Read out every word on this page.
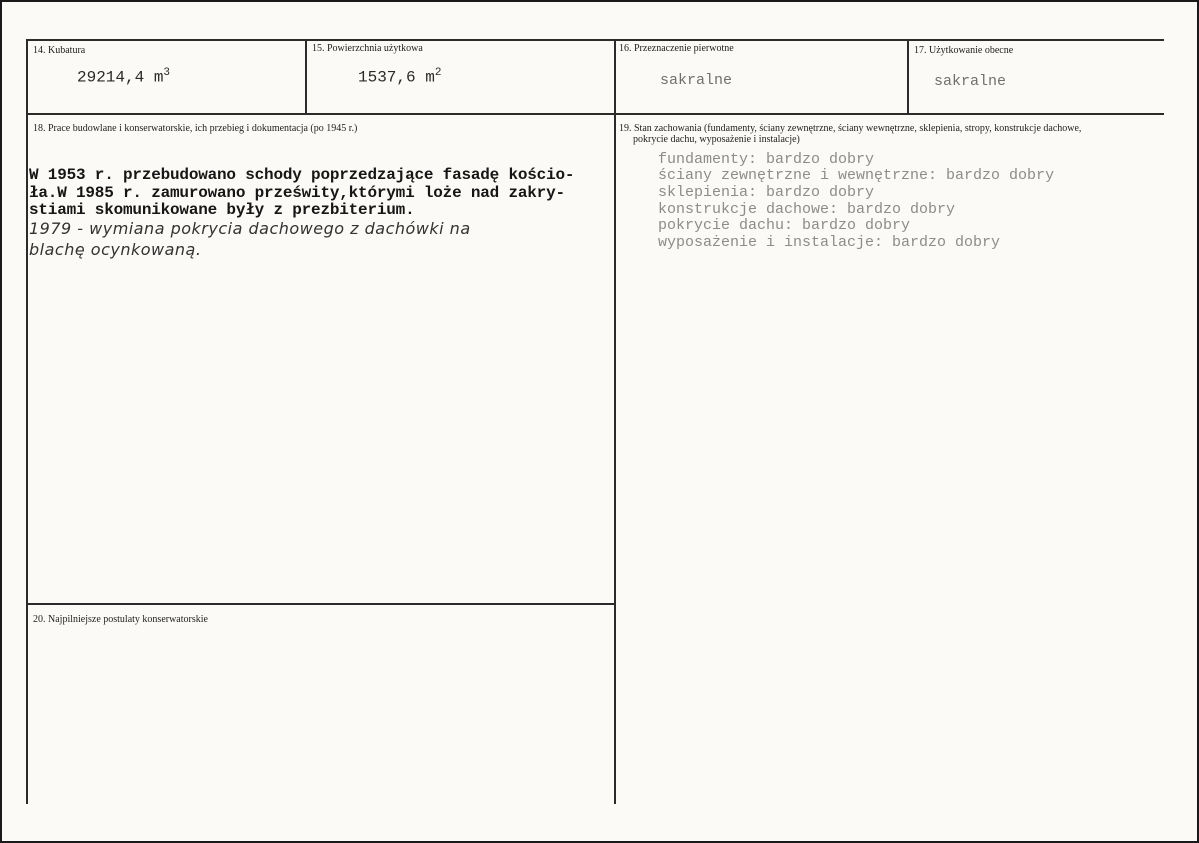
14. Kubatura
29214,4 $m^3$
15. Powierzchnia użytkowa
1537,6 $m^2$
16. Przeznaczenie pierwotne
sakralne
17. Użytkowanie obecne
sakralne
18. Prace budowlane i konserwatorskie, ich przebieg i dokumentacja (po 1945 r.)
W 1953 r. przebudowano schody poprzedzające fasadę kościo-
ła.W 1985 r. zamurowano prześwity,którymi loże nad zakry-
stiami skomunikowane były z prezbiterium.
1979 - wymiana pokrycia dachowego z dachówki na
blachę ocynkowaną.
19. Stan zachowania (fundamenty, ściany zewnętrzne, ściany wewnętrzne, sklepienia, stropy, konstrukcje dachowe,
pokrycie dachu, wyposażenie i instalacje)
fundamenty: bardzo dobry
ściany zewnętrzne i wewnętrzne: bardzo dobry
sklepienia: bardzo dobry
konstrukcje dachowe: bardzo dobry
pokrycie dachu: bardzo dobry
wyposażenie i instalacje: bardzo dobry
20. Najpilniejsze postulaty konserwatorskie
